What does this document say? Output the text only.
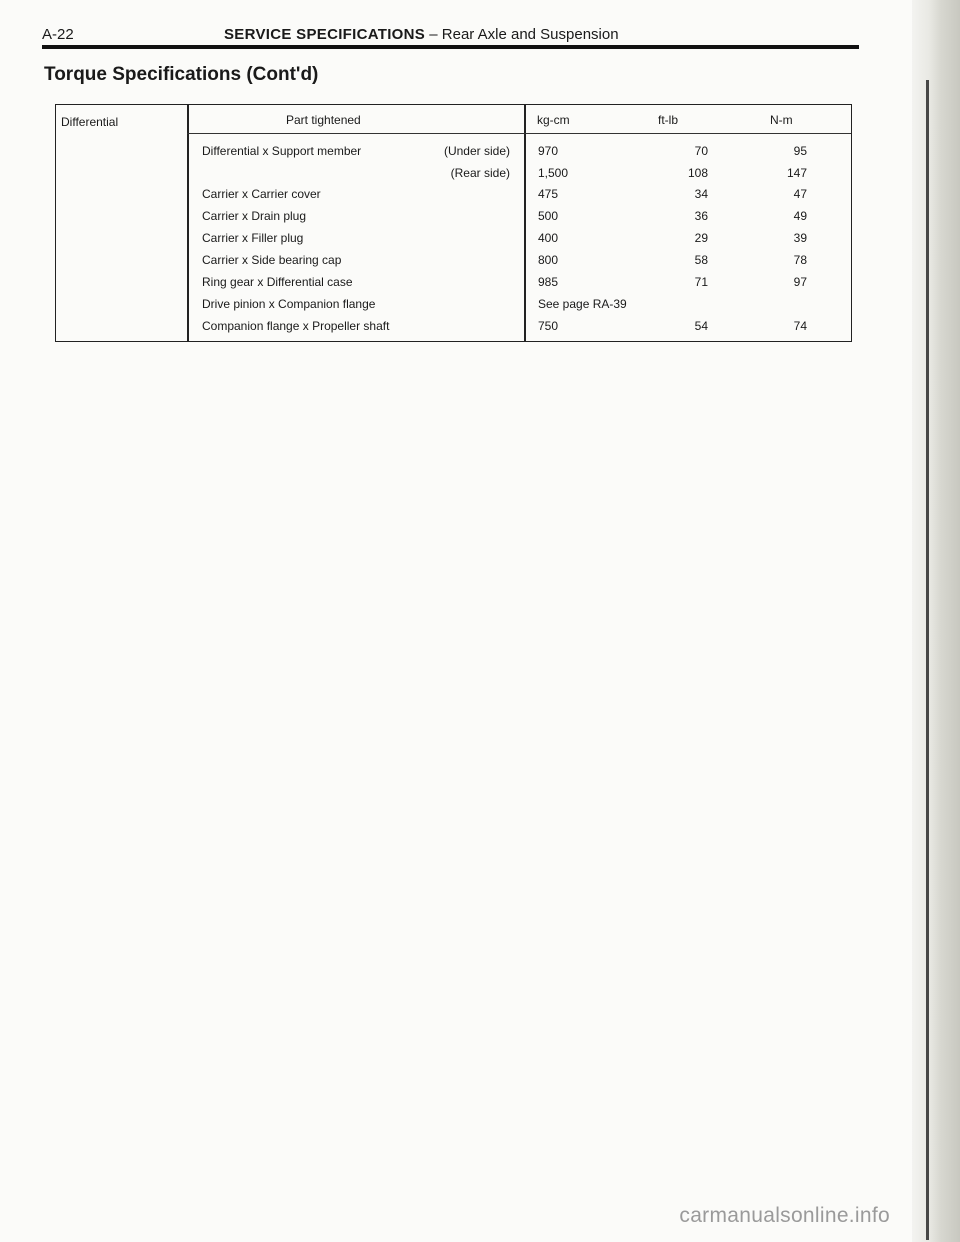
A-22	SERVICE SPECIFICATIONS – Rear Axle and Suspension
Torque Specifications (Cont'd)
Differential	Part tightened	kg-cm	ft-lb	N-m
Differential x Support member	(Under side) 970	70	95
(Rear side) 1,500	108	147
Carrier x Carrier cover	475	34	47
Carrier x Drain plug	500	36	49
Carrier x Filler plug	400	29	39
Carrier x Side bearing cap	800	58	78
Ring gear x Differential case	985	71	97
Drive pinion x Companion flange	See page RA-39
Companion flange x Propeller shaft	750	54	74
carmanualsonline.info
